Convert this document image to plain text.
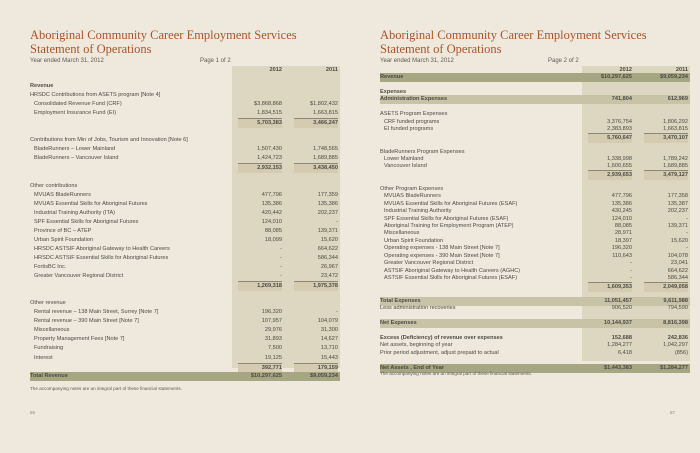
Aboriginal Community Career Employment Services
Statement of Operations
Year ended March 31, 2012	Page 1 of 2
2012	2011
Revenue
HRSDC Contributions from ASETS program [Note 4]
Consolidated Revenue Fund (CRF)	$3,868,868	$1,802,432
Employment Insurance Fund (EI)	1,834,515	1,663,815
5,703,383	3,466,247
Contributions from Min of Jobs, Tourism and Innovation [Note 6]
BladeRunners – Lower Mainland	1,507,430	1,748,565
BladeRunners – Vancouver Island	1,424,723	1,689,885
2,932,153	3,438,450
Other contributions
MVUAS BladeRunners	477,796	177,359
MVUAS Essential Skills for Aboriginal Futures	135,386	135,386
Industrial Training Authority (ITA)	420,442	202,237
SPF Essential Skills for Aboriginal Futures	124,010	-
Province of BC – ATEP	88,085	139,371
Urban Spirit Foundation	18,099	15,620
HRSDC ASTSIF Aboriginal Gateway to Health Careers	-	664,622
HRSDC ASTSIF Essential Skills for Aboriginal Futures	-	586,344
FortisBC Inc.	-	26,967
Greater Vancouver Regional District	-	23,472
1,269,318	1,975,378
Other revenue
Rental revenue – 138 Main Street, Surrey [Note 7]	196,320	-
Rental revenue – 390 Main Street [Note 7]	107,957	104,079
Miscellaneous	29,976	31,300
Property Management Fees [Note 7]	31,893	14,627
Fundraising	7,500	13,710
Interest	19,125	15,443
392,771	179,159
Total Revenue	$10,297,625	$9,059,234
The accompanying notes are an integral part of these financial statements.
86
Aboriginal Community Career Employment Services
Statement of Operations
Year ended March 31, 2012	Page 2 of 2
2012	2011
Revenue	$10,297,625	$9,059,234
Expenses
Administration Expenses	741,804	612,969
ASETS Program Expenses
CRF funded programs	3,376,754	1,806,292
EI funded programs	2,383,893	1,663,815
5,760,647	3,470,107
BladeRunners Program Expenses
Lower Mainland	1,338,998	1,789,242
Vancouver Island	1,600,655	1,689,885
2,939,653	3,479,127
Other Program Expenses
MVUAS BladeRunners	477,796	177,358
MVUAS Essential Skills for Aboriginal Futures (ESAF)	135,386	135,387
Industrial Training Authority	430,245	202,237
SPF Essential Skills for Aboriginal Futures (ESAF)	124,010	-
Aboriginal Training for Employment Program (ATEP)	88,085	139,371
Miscellaneous	28,971	-
Urban Spirit Foundation	18,397	15,620
Operating expenses - 138 Main Street [Note 7]	196,320	-
Operating expenses - 390 Main Street [Note 7]	110,643	104,078
Greater Vancouver Regional District	-	23,041
ASTSIF Aboriginal Gateway to Health Careers (AGHC)	-	664,622
ASTSIF Essential Skills for Aboriginal Futures (ESAF)	-	586,344
1,609,353	2,049,058
Total Expenses	11,051,457	9,611,988
Less administration recoveries	906,520	794,590
Net Expenses	10,144,937	8,816,398
Excess (Deficiency) of revenue over expenses	152,688	242,836
Net assets, beginning of year	1,284,277	1,042,297
Prior period adjustment, adjust prepaid to actual	6,418	(856)
Net Assets , End of Year	$1,443,383	$1,284,277
The accompanying notes are an integral part of these financial statements.
87
